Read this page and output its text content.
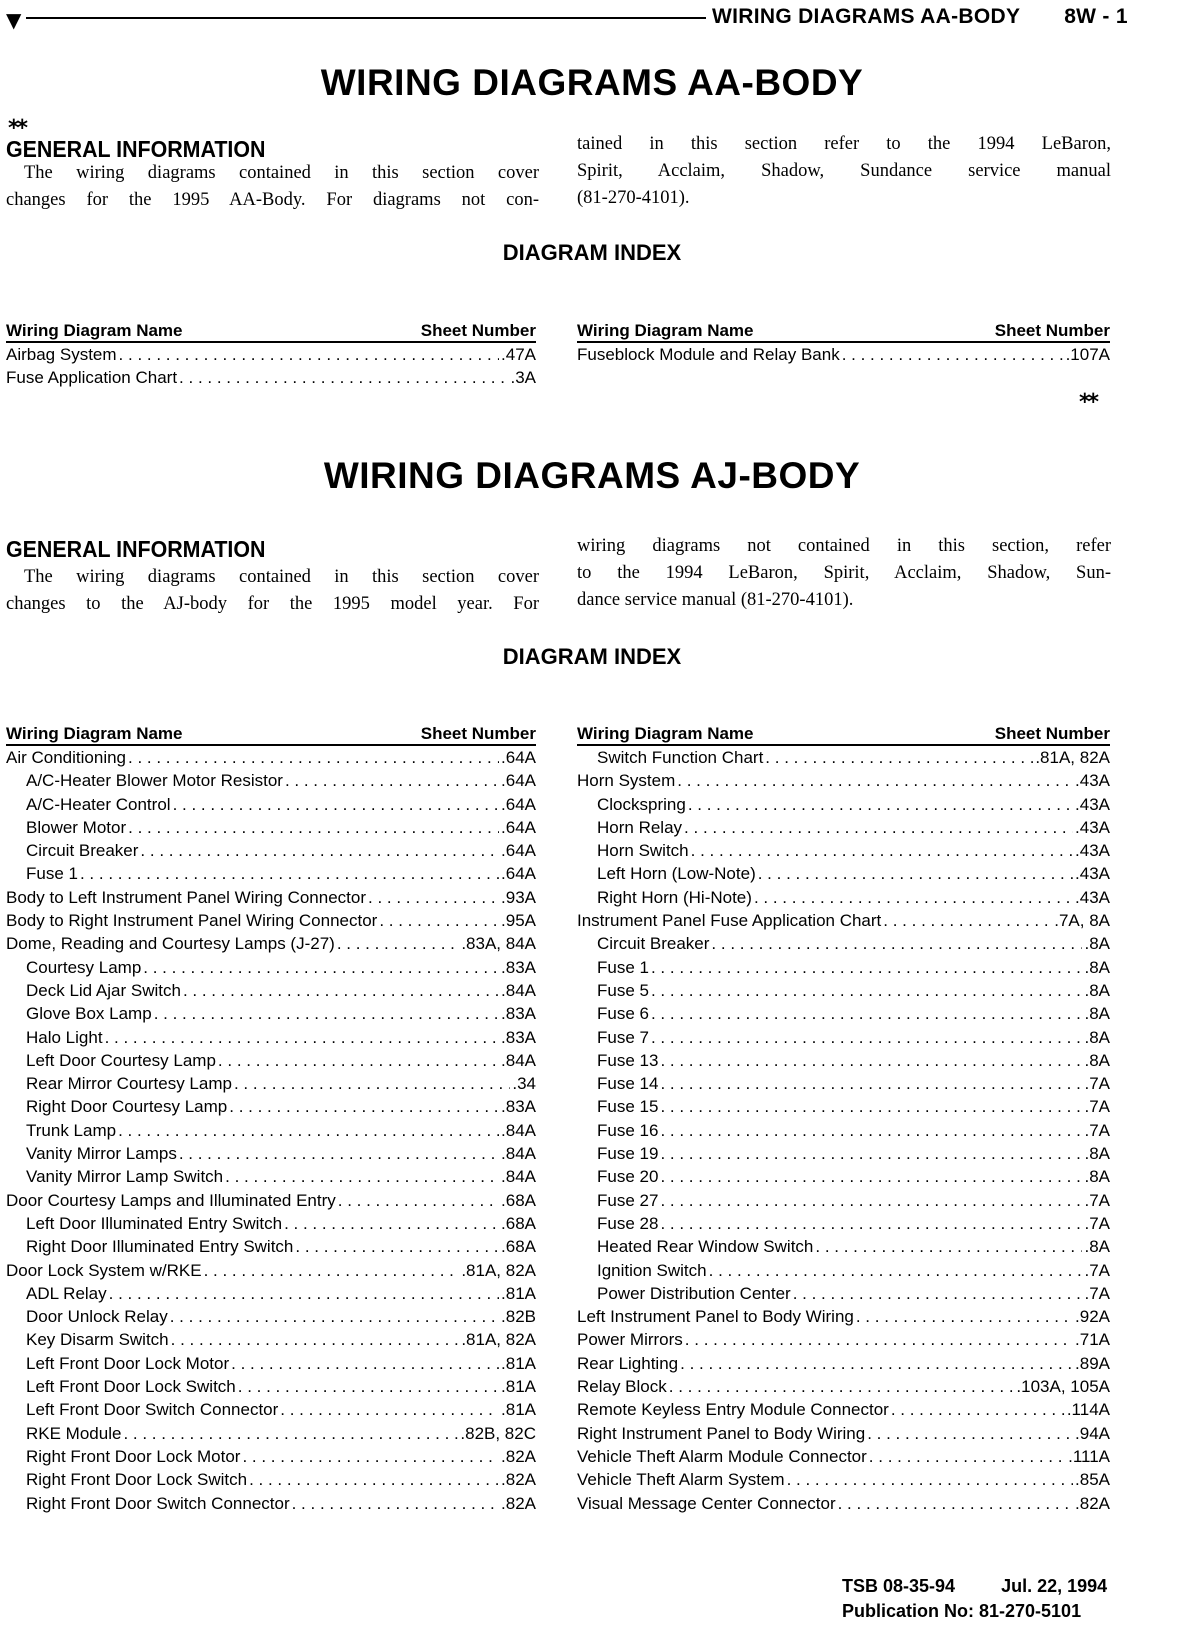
▼	WIRING DIAGRAMS AA-BODY 8W - 1
WIRING DIAGRAMS AA-BODY
**
GENERAL INFORMATION
The wiring diagrams contained in this section cover
changes for the 1995 AA-Body. For diagrams not con-
tained in this section refer to the 1994 LeBaron,
Spirit, Acclaim, Shadow, Sundance service manual
(81-270-4101).
DIAGRAM INDEX
Wiring Diagram Name	Sheet Number
Airbag System . . .	.47A
Fuse Application Chart . . .	.3A
Wiring Diagram Name	Sheet Number
Fuseblock Module and Relay Bank . . .	.107A
**
WIRING DIAGRAMS AJ-BODY
GENERAL INFORMATION
The wiring diagrams contained in this section cover
changes to the AJ-body for the 1995 model year. For
wiring diagrams not contained in this section, refer
to the 1994 LeBaron, Spirit, Acclaim, Shadow, Sun-
dance service manual (81-270-4101).
DIAGRAM INDEX
Wiring Diagram Name	Sheet Number
Air Conditioning . . .	.64A
A/C-Heater Blower Motor Resistor . . .	.64A
A/C-Heater Control . . .	.64A
Blower Motor . . .	.64A
Circuit Breaker . . .	.64A
Fuse 1 . . .	.64A
Body to Left Instrument Panel Wiring Connector . . .	.93A
Body to Right Instrument Panel Wiring Connector . . .	.95A
Dome, Reading and Courtesy Lamps (J-27) . . .	.83A, 84A
Courtesy Lamp . . .	.83A
Deck Lid Ajar Switch . . .	.84A
Glove Box Lamp . . .	.83A
Halo Light . . .	.83A
Left Door Courtesy Lamp . . .	.84A
Rear Mirror Courtesy Lamp . . .	.34
Right Door Courtesy Lamp . . .	.83A
Trunk Lamp . . .	.84A
Vanity Mirror Lamps . . .	.84A
Vanity Mirror Lamp Switch . . .	.84A
Door Courtesy Lamps and Illuminated Entry . . .	.68A
Left Door Illuminated Entry Switch . . .	.68A
Right Door Illuminated Entry Switch . . .	.68A
Door Lock System w/RKE . . .	.81A, 82A
ADL Relay . . .	.81A
Door Unlock Relay . . .	.82B
Key Disarm Switch . . .	.81A, 82A
Left Front Door Lock Motor . . .	.81A
Left Front Door Lock Switch . . .	.81A
Left Front Door Switch Connector . . .	.81A
RKE Module . . .	.82B, 82C
Right Front Door Lock Motor . . .	.82A
Right Front Door Lock Switch . . .	.82A
Right Front Door Switch Connector . . .	.82A
Wiring Diagram Name	Sheet Number
Switch Function Chart . . .	.81A, 82A
Horn System . . .	.43A
Clockspring . . .	.43A
Horn Relay . . .	.43A
Horn Switch . . .	.43A
Left Horn (Low-Note) . . .	.43A
Right Horn (Hi-Note) . . .	.43A
Instrument Panel Fuse Application Chart . . .	.7A, 8A
Circuit Breaker . . .	.8A
Fuse 1 . . .	.8A
Fuse 5 . . .	.8A
Fuse 6 . . .	.8A
Fuse 7 . . .	.8A
Fuse 13 . . .	.8A
Fuse 14 . . .	.7A
Fuse 15 . . .	.7A
Fuse 16 . . .	.7A
Fuse 19 . . .	.8A
Fuse 20 . . .	.8A
Fuse 27 . . .	.7A
Fuse 28 . . .	.7A
Heated Rear Window Switch . . .	.8A
Ignition Switch . . .	.7A
Power Distribution Center . . .	.7A
Left Instrument Panel to Body Wiring . . .	.92A
Power Mirrors . . .	.71A
Rear Lighting . . .	.89A
Relay Block . . .	.103A, 105A
Remote Keyless Entry Module Connector . . .	.114A
Right Instrument Panel to Body Wiring . . .	.94A
Vehicle Theft Alarm Module Connector . . .	.111A
Vehicle Theft Alarm System . . .	.85A
Visual Message Center Connector . . .	.82A
TSB 08-35-94	Jul. 22, 1994
Publication No: 81-270-5101
